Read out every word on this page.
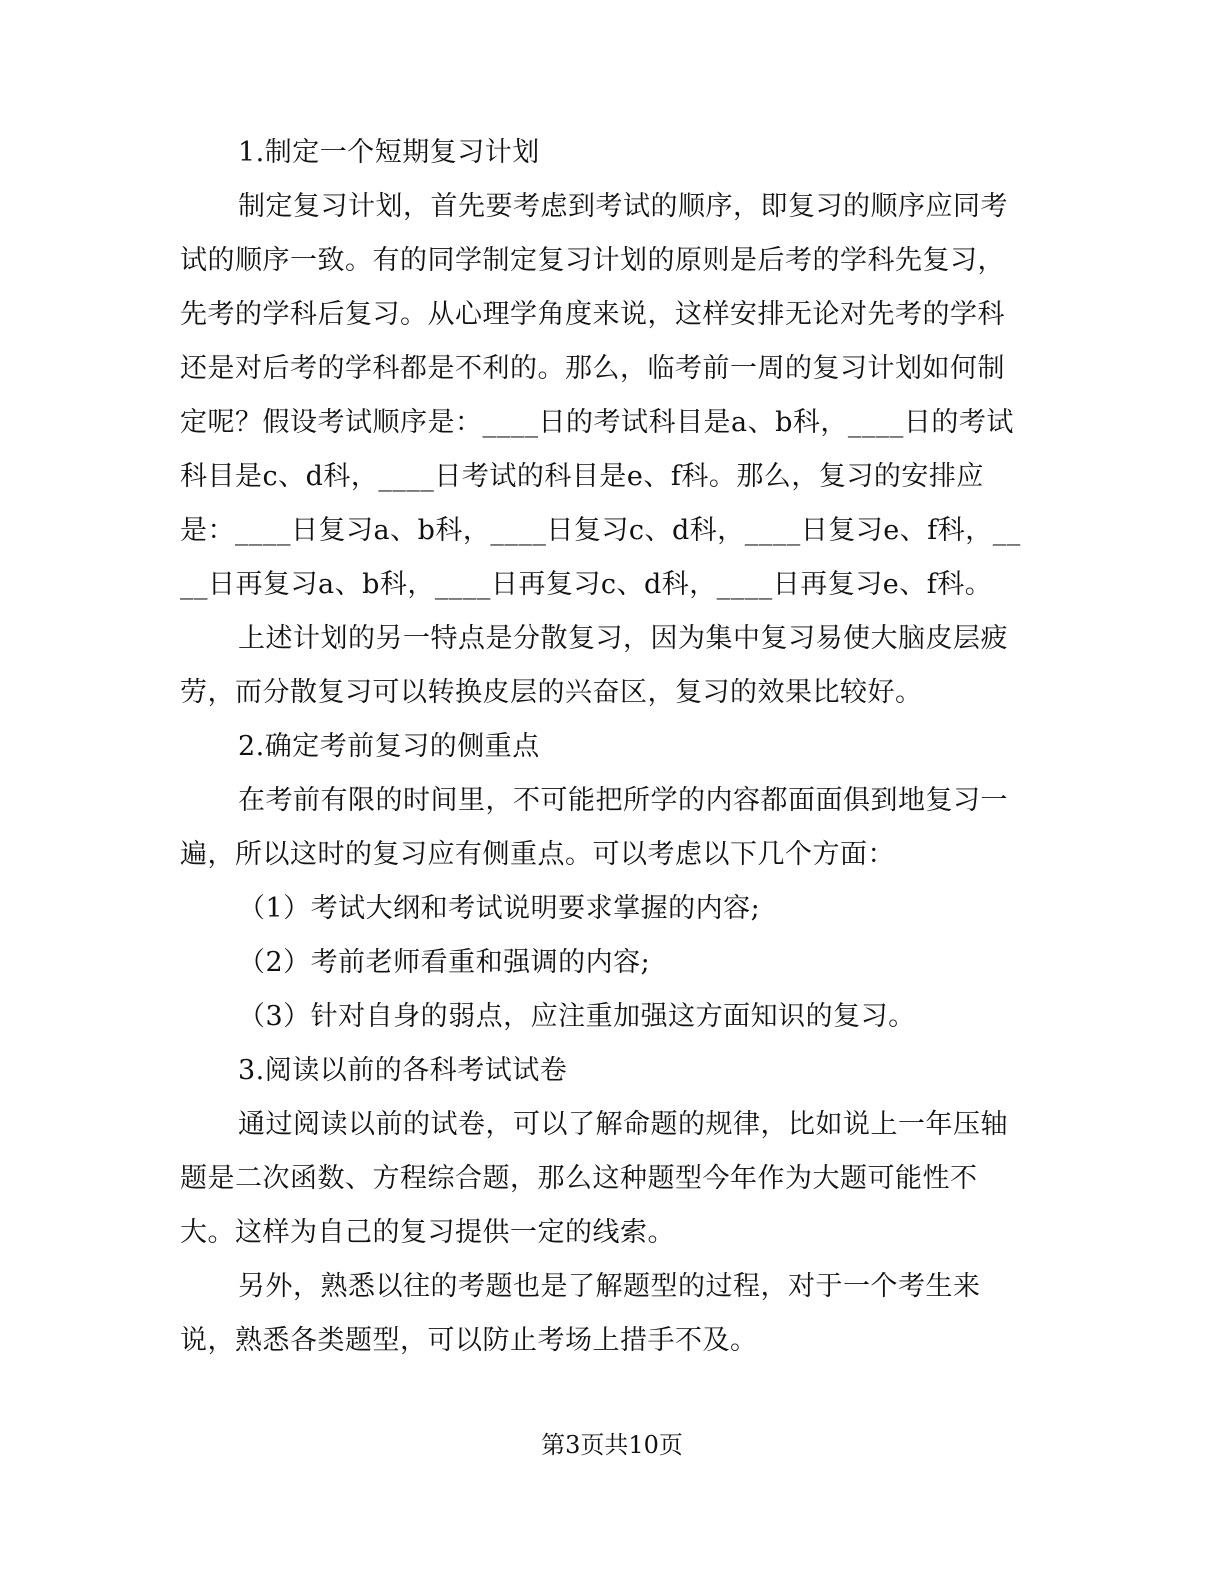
1.制定一个短期复习计划

制定复习计划，首先要考虑到考试的顺序，即复习的顺序应同考试的顺序一致。有的同学制定复习计划的原则是后考的学科先复习，先考的学科后复习。从心理学角度来说，这样安排无论对先考的学科还是对后考的学科都是不利的。那么，临考前一周的复习计划如何制定呢？假设考试顺序是：____日的考试科目是a、b科，____日的考试科目是c、d科，____日考试的科目是e、f科。那么，复习的安排应是：____日复习a、b科，____日复习c、d科，____日复习e、f科，____日再复习a、b科，____日再复习c、d科，____日再复习e、f科。

上述计划的另一特点是分散复习，因为集中复习易使大脑皮层疲劳，而分散复习可以转换皮层的兴奋区，复习的效果比较好。

2.确定考前复习的侧重点

在考前有限的时间里，不可能把所学的内容都面面俱到地复习一遍，所以这时的复习应有侧重点。可以考虑以下几个方面：

（1）考试大纲和考试说明要求掌握的内容;

（2）考前老师看重和强调的内容;

（3）针对自身的弱点，应注重加强这方面知识的复习。

3.阅读以前的各科考试试卷

通过阅读以前的试卷，可以了解命题的规律，比如说上一年压轴题是二次函数、方程综合题，那么这种题型今年作为大题可能性不大。这样为自己的复习提供一定的线索。

另外，熟悉以往的考题也是了解题型的过程，对于一个考生来说，熟悉各类题型，可以防止考场上措手不及。

第3页共10页
